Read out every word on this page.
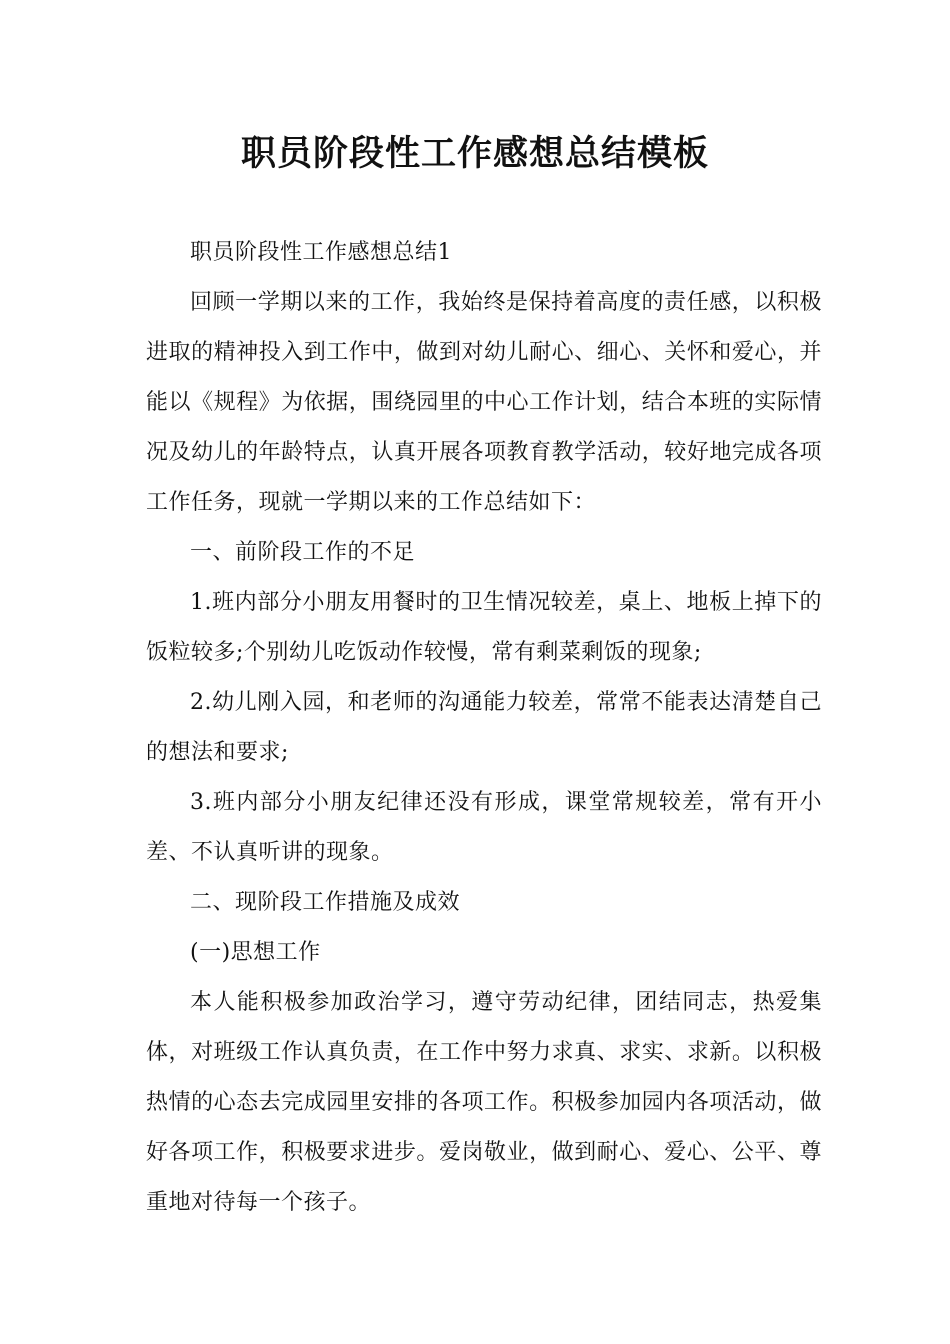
职员阶段性工作感想总结模板

职员阶段性工作感想总结1

回顾一学期以来的工作，我始终是保持着高度的责任感，以积极进取的精神投入到工作中，做到对幼儿耐心、细心、关怀和爱心，并能以《规程》为依据，围绕园里的中心工作计划，结合本班的实际情况及幼儿的年龄特点，认真开展各项教育教学活动，较好地完成各项工作任务，现就一学期以来的工作总结如下：

一、前阶段工作的不足

1.班内部分小朋友用餐时的卫生情况较差，桌上、地板上掉下的饭粒较多;个别幼儿吃饭动作较慢，常有剩菜剩饭的现象;

2.幼儿刚入园，和老师的沟通能力较差，常常不能表达清楚自己的想法和要求;

3.班内部分小朋友纪律还没有形成，课堂常规较差，常有开小差、不认真听讲的现象。

二、现阶段工作措施及成效

(一)思想工作

本人能积极参加政治学习，遵守劳动纪律，团结同志，热爱集体，对班级工作认真负责，在工作中努力求真、求实、求新。以积极热情的心态去完成园里安排的各项工作。积极参加园内各项活动，做好各项工作，积极要求进步。爱岗敬业，做到耐心、爱心、公平、尊重地对待每一个孩子。
